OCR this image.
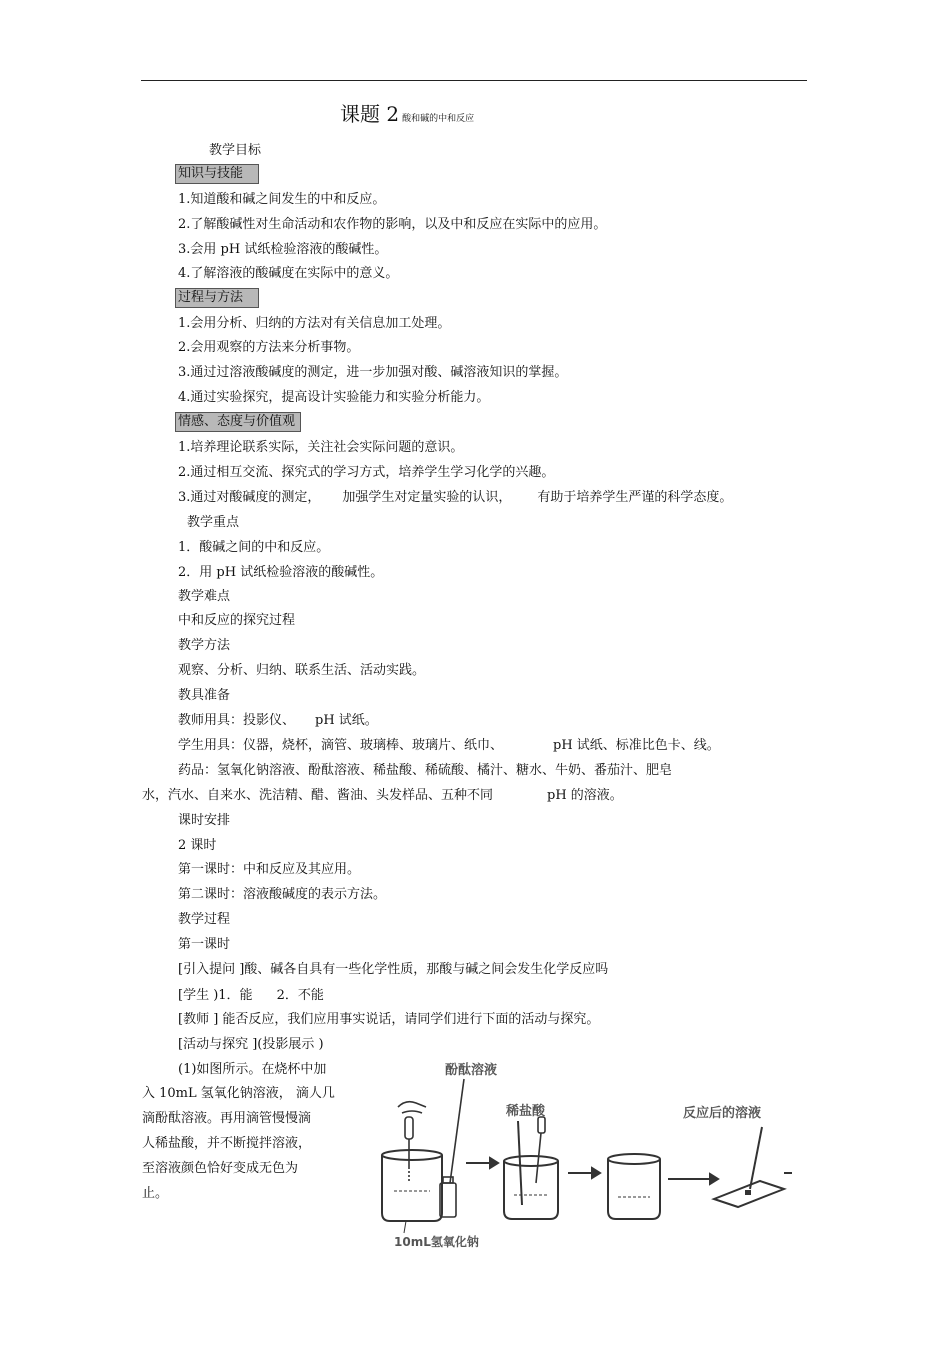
课题 2 酸和碱的中和反应
教学目标
知识与技能
1.知道酸和碱之间发生的中和反应。
2.了解酸碱性对生命活动和农作物的影响，以及中和反应在实际中的应用。
3.会用 pH 试纸检验溶液的酸碱性。
4.了解溶液的酸碱度在实际中的意义。
过程与方法
1.会用分析、归纳的方法对有关信息加工处理。
2.会用观察的方法来分析事物。
3.通过过溶液酸碱度的测定，进一步加强对酸、碱溶液知识的掌握。
4.通过实验探究，提高设计实验能力和实验分析能力。
情感、态度与价值观
1.培养理论联系实际，关注社会实际问题的意识。
2.通过相互交流、探究式的学习方式，培养学生学习化学的兴趣。
3.通过对酸碱度的测定， 加强学生对定量实验的认识， 有助于培养学生严谨的科学态度。
教学重点
1．酸碱之间的中和反应。
2．用 pH 试纸检验溶液的酸碱性。
教学难点
中和反应的探究过程
教学方法
观察、分析、归纳、联系生活、活动实践。
教具准备
教师用具：投影仪、 pH 试纸。
学生用具：仪器，烧杯，滴管、玻璃棒、玻璃片、纸巾、	pH 试纸、标准比色卡、线。
药品：氢氧化钠溶液、酚酞溶液、稀盐酸、稀硫酸、橘汁、糖水、牛奶、番茄汁、肥皂
水，汽水、自来水、洗洁精、醋、酱油、头发样品、五种不同	pH 的溶液。
课时安排
2 课时
第一课时：中和反应及其应用。
第二课时：溶液酸碱度的表示方法。
教学过程
第一课时
[引入提问 ]酸、碱各自具有一些化学性质，那酸与碱之间会发生化学反应吗
[学生 )1．能 2．不能
[教师 ] 能否反应，我们应用事实说话，请同学们进行下面的活动与探究。
[活动与探究 ](投影展示 )
(1)如图所示。在烧杯中加
入 10mL 氢氧化钠溶液， 滴人几
滴酚酞溶液。再用滴管慢慢滴
人稀盐酸，并不断搅拌溶液，
至溶液颜色恰好变成无色为
止。
酚酞溶液
稀盐酸	反应后的溶液
10mL氢氧化钠
